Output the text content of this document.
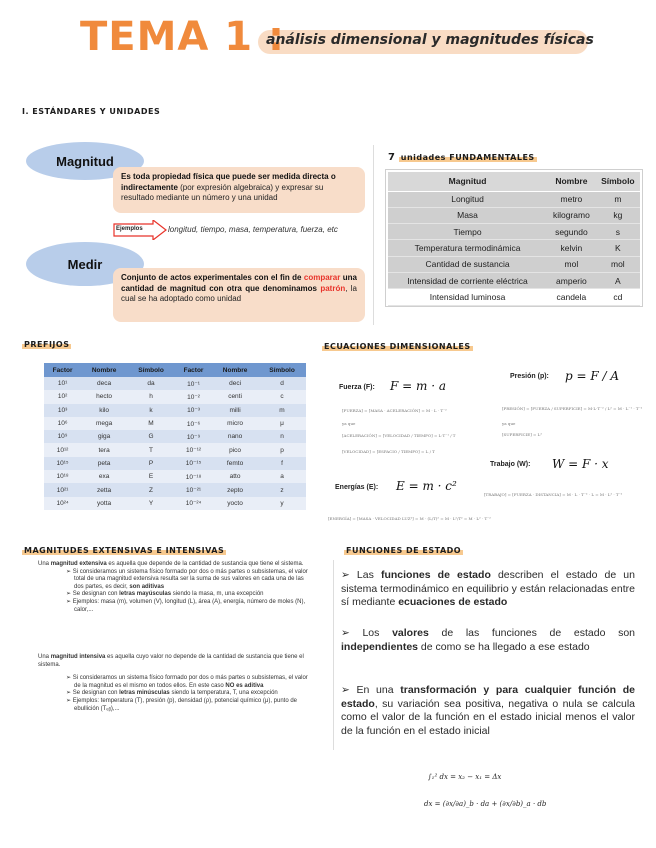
TEMA 1 :
análisis dimensional y magnitudes físicas
I. ESTÁNDARES Y UNIDADES
Magnitud
Es toda propiedad física que puede ser medida directa o indirectamente (por expresión algebraica) y expresar su resultado mediante un número y una unidad
Ejemplos	longitud, tiempo, masa, temperatura, fuerza, etc
Medir
Conjunto de actos experimentales con el fin de comparar una cantidad de magnitud con otra que denominamos patrón, la cual se ha adoptado como unidad
7 unidades FUNDAMENTALES
Magnitud	Nombre	Símbolo
Longitud	metro	m
Masa	kilogramo	kg
Tiempo	segundo	s
Temperatura termodinámica	kelvin	K
Cantidad de sustancia	mol	mol
Intensidad de corriente eléctrica	amperio	A
Intensidad luminosa	candela	cd
PREFIJOS
Factor	Nombre	Símbolo	Factor	Nombre	Símbolo
10¹	deca	da	10⁻¹	deci	d
10²	hecto	h	10⁻²	centi	c
10³	kilo	k	10⁻³	milli	m
10⁶	mega	M	10⁻⁶	micro	μ
10⁹	giga	G	10⁻⁹	nano	n
10¹²	tera	T	10⁻¹²	pico	p
10¹⁵	peta	P	10⁻¹⁵	femto	f
10¹⁸	exa	E	10⁻¹⁸	atto	a
10²¹	zetta	Z	10⁻²¹	zepto	z
10²⁴	yotta	Y	10⁻²⁴	yocto	y
ECUACIONES DIMENSIONALES
Fuerza (F): F = m · a
[FUERZA] = [MASA · ACELERACIÓN] = M · L · T⁻²
ya que
[ACELERACIÓN] = [VELOCIDAD / TIEMPO] = L·T⁻¹ / T
[VELOCIDAD] = [ESPACIO / TIEMPO] = L / T
Presión (p): p = F / A
[PRESIÓN] = [FUERZA / SUPERFICIE] = M·L·T⁻² / L² = M · L⁻¹ · T⁻²
ya que
[SUPERFICIE] = L²
Trabajo (W): W = F · x
[TRABAJO] = [FUERZA · DISTANCIA] = M · L · T⁻² · L = M · L² · T⁻²
Energías (E): E = m · c²
[ENERGÍA] = [MASA · VELOCIDAD LUZ²] = M · (L/T)² = M · L²/T² = M · L² · T⁻²
MAGNITUDES EXTENSIVAS E INTENSIVAS

Una magnitud extensiva es aquella que depende de la cantidad de sustancia que tiene el sistema.

➢ Si consideramos un sistema físico formado por dos o más partes o subsistemas, el valor total de una magnitud extensiva resulta ser la suma de sus valores en cada una de las dos partes, es decir, son aditivas

➢ Se designan con letras mayúsculas siendo la masa, m, una excepción

➢ Ejemplos: masa (m), volumen (V), longitud (L), área (A), energía, número de moles (N), calor,...

Una magnitud intensiva es aquella cuyo valor no depende de la cantidad de sustancia que tiene el sistema.

➢ Si consideramos un sistema físico formado por dos o más partes o subsistemas, el valor de la magnitud es el mismo en todos ellos. En este caso NO es aditiva

➢ Se designan con letras minúsculas siendo la temperatura, T, una excepción

➢ Ejemplos: temperatura (T), presión (p), densidad (ρ), potencial químico (μ), punto de ebullición (Tₑᵦ),...

FUNCIONES DE ESTADO
➢ Las funciones de estado describen el estado de un sistema termodinámico en equilibrio y están relacionadas entre sí mediante ecuaciones de estado
➢ Los valores de las funciones de estado son independientes de como se ha llegado a ese estado
➢ En una transformación y para cualquier función de estado, su variación sea positiva, negativa o nula se calcula como el valor de la función en el estado inicial menos el valor de la función en el estado inicial
∫₁² dx = x₂ − x₁ = Δx
dx = (∂x/∂a)_b · da + (∂x/∂b)_a · db
